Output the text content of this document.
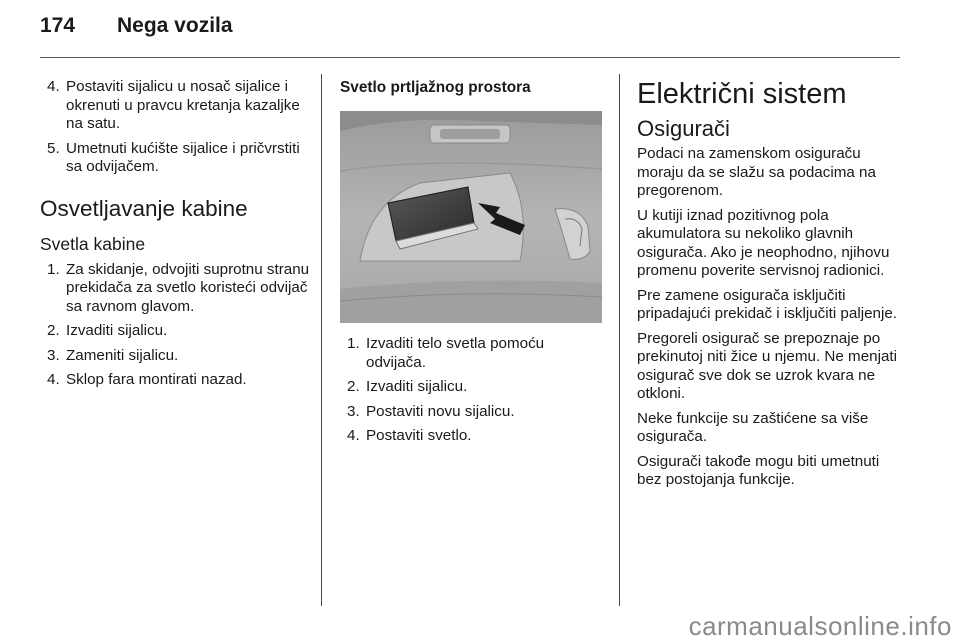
174 Nega vozila
4. Postaviti sijalicu u nosač sijalice i okrenuti u pravcu kretanja kazaljke na satu.
5. Umetnuti kućište sijalice i pričvrstiti sa odvijačem.
Osvetljavanje kabine
Svetla kabine
1. Za skidanje, odvojiti suprotnu stranu prekidača za svetlo koristeći odvijač sa ravnom glavom.
2. Izvaditi sijalicu.
3. Zameniti sijalicu.
4. Sklop fara montirati nazad.
Svetlo prtljažnog prostora
1. Izvaditi telo svetla pomoću odvijača.
2. Izvaditi sijalicu.
3. Postaviti novu sijalicu.
4. Postaviti svetlo.
Električni sistem
Osigurači

Podaci na zamenskom osiguraču moraju da se slažu sa podacima na pregorenom.

U kutiji iznad pozitivnog pola akumulatora su nekoliko glavnih osigurača. Ako je neophodno, njihovu promenu poverite servisnoj radionici.

Pre zamene osigurača isključiti pripadajući prekidač i isključiti paljenje.

Pregoreli osigurač se prepoznaje po prekinutoj niti žice u njemu. Ne menjati osigurač sve dok se uzrok kvara ne otkloni.

Neke funkcije su zaštićene sa više osigurača.

Osigurači takođe mogu biti umetnuti bez postojanja funkcije.

carmanualsonline.info
